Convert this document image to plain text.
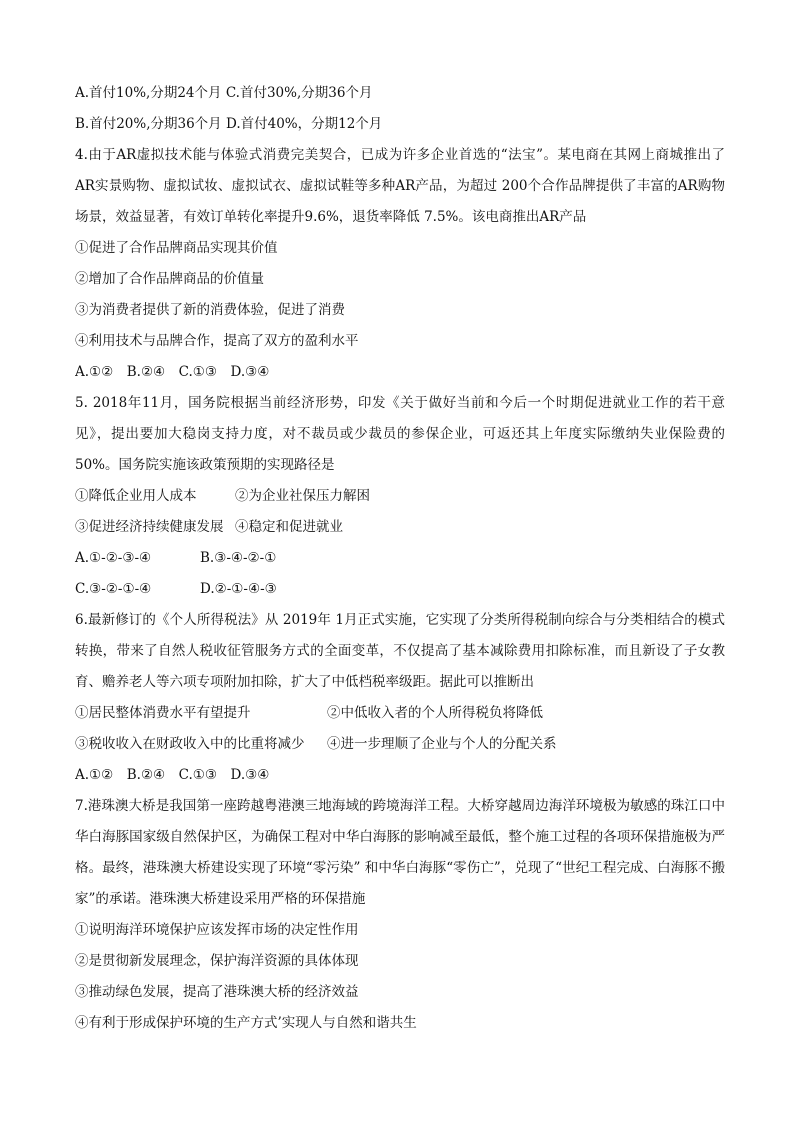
A.首付10%,分期24个月 C.首付30%,分期36个月
B.首付20%,分期36个月 D.首付40%，分期12个月
4.由于AR虚拟技术能与体验式消费完美契合，已成为许多企业首选的“法宝”。某电商在其网上商城推出了 AR实景购物、虚拟试妆、虚拟试衣、虚拟试鞋等多种AR产品，为超过 200个合作品牌提供了丰富的AR购物场景，效益显著，有效订单转化率提升9.6%，退货率降低 7.5%。该电商推出AR产品
①促进了合作品牌商品实现其价值
②增加了合作品牌商品的价值量
③为消费者提供了新的消费体验，促进了消费
④利用技术与品牌合作，提高了双方的盈利水平
A.①②　B.②④　C.①③　D.③④
5. 2018年11月，国务院根据当前经济形势，印发《关于做好当前和今后一个时期促进就业工作的若干意见》，提出要加大稳岗支持力度，对不裁员或少裁员的参保企业，可返还其上年度实际缴纳失业保险费的50%。国务院实施该政策预期的实现路径是
①降低企业用人成本	②为企业社保压力解困
③促进经济持续健康发展 ④稳定和促进就业
A.①-②-③-④	B.③-④-②-①
C.③-②-①-④	D.②-①-④-③
6.最新修订的《个人所得税法》从 2019年 1月正式实施，它实现了分类所得税制向综合与分类相结合的模式转换，带来了自然人税收征管服务方式的全面变革，不仅提高了基本减除费用扣除标准，而且新设了子女教育、赡养老人等六项专项附加扣除，扩大了中低档税率级距。据此可以推断出
①居民整体消费水平有望提升	②中低收入者的个人所得税负将降低
③税收收入在财政收入中的比重将减少	④进一步理顺了企业与个人的分配关系
A.①②　B.②④　C.①③　D.③④
7.港珠澳大桥是我国第一座跨越粤港澳三地海域的跨境海洋工程。大桥穿越周边海洋环境极为敏感的珠江口中华白海豚国家级自然保护区，为确保工程对中华白海豚的影响减至最低，整个施工过程的各项环保措施极为严格。最终，港珠澳大桥建设实现了环境“零污染” 和中华白海豚“零伤亡”，兑现了“世纪工程完成、白海豚不搬家”的承诺。港珠澳大桥建设采用严格的环保措施
①说明海洋环境保护应该发挥市场的决定性作用
②是贯彻新发展理念，保护海洋资源的具体体现
③推动绿色发展，提高了港珠澳大桥的经济效益
④有利于形成保护环境的生产方式’实现人与自然和谐共生
